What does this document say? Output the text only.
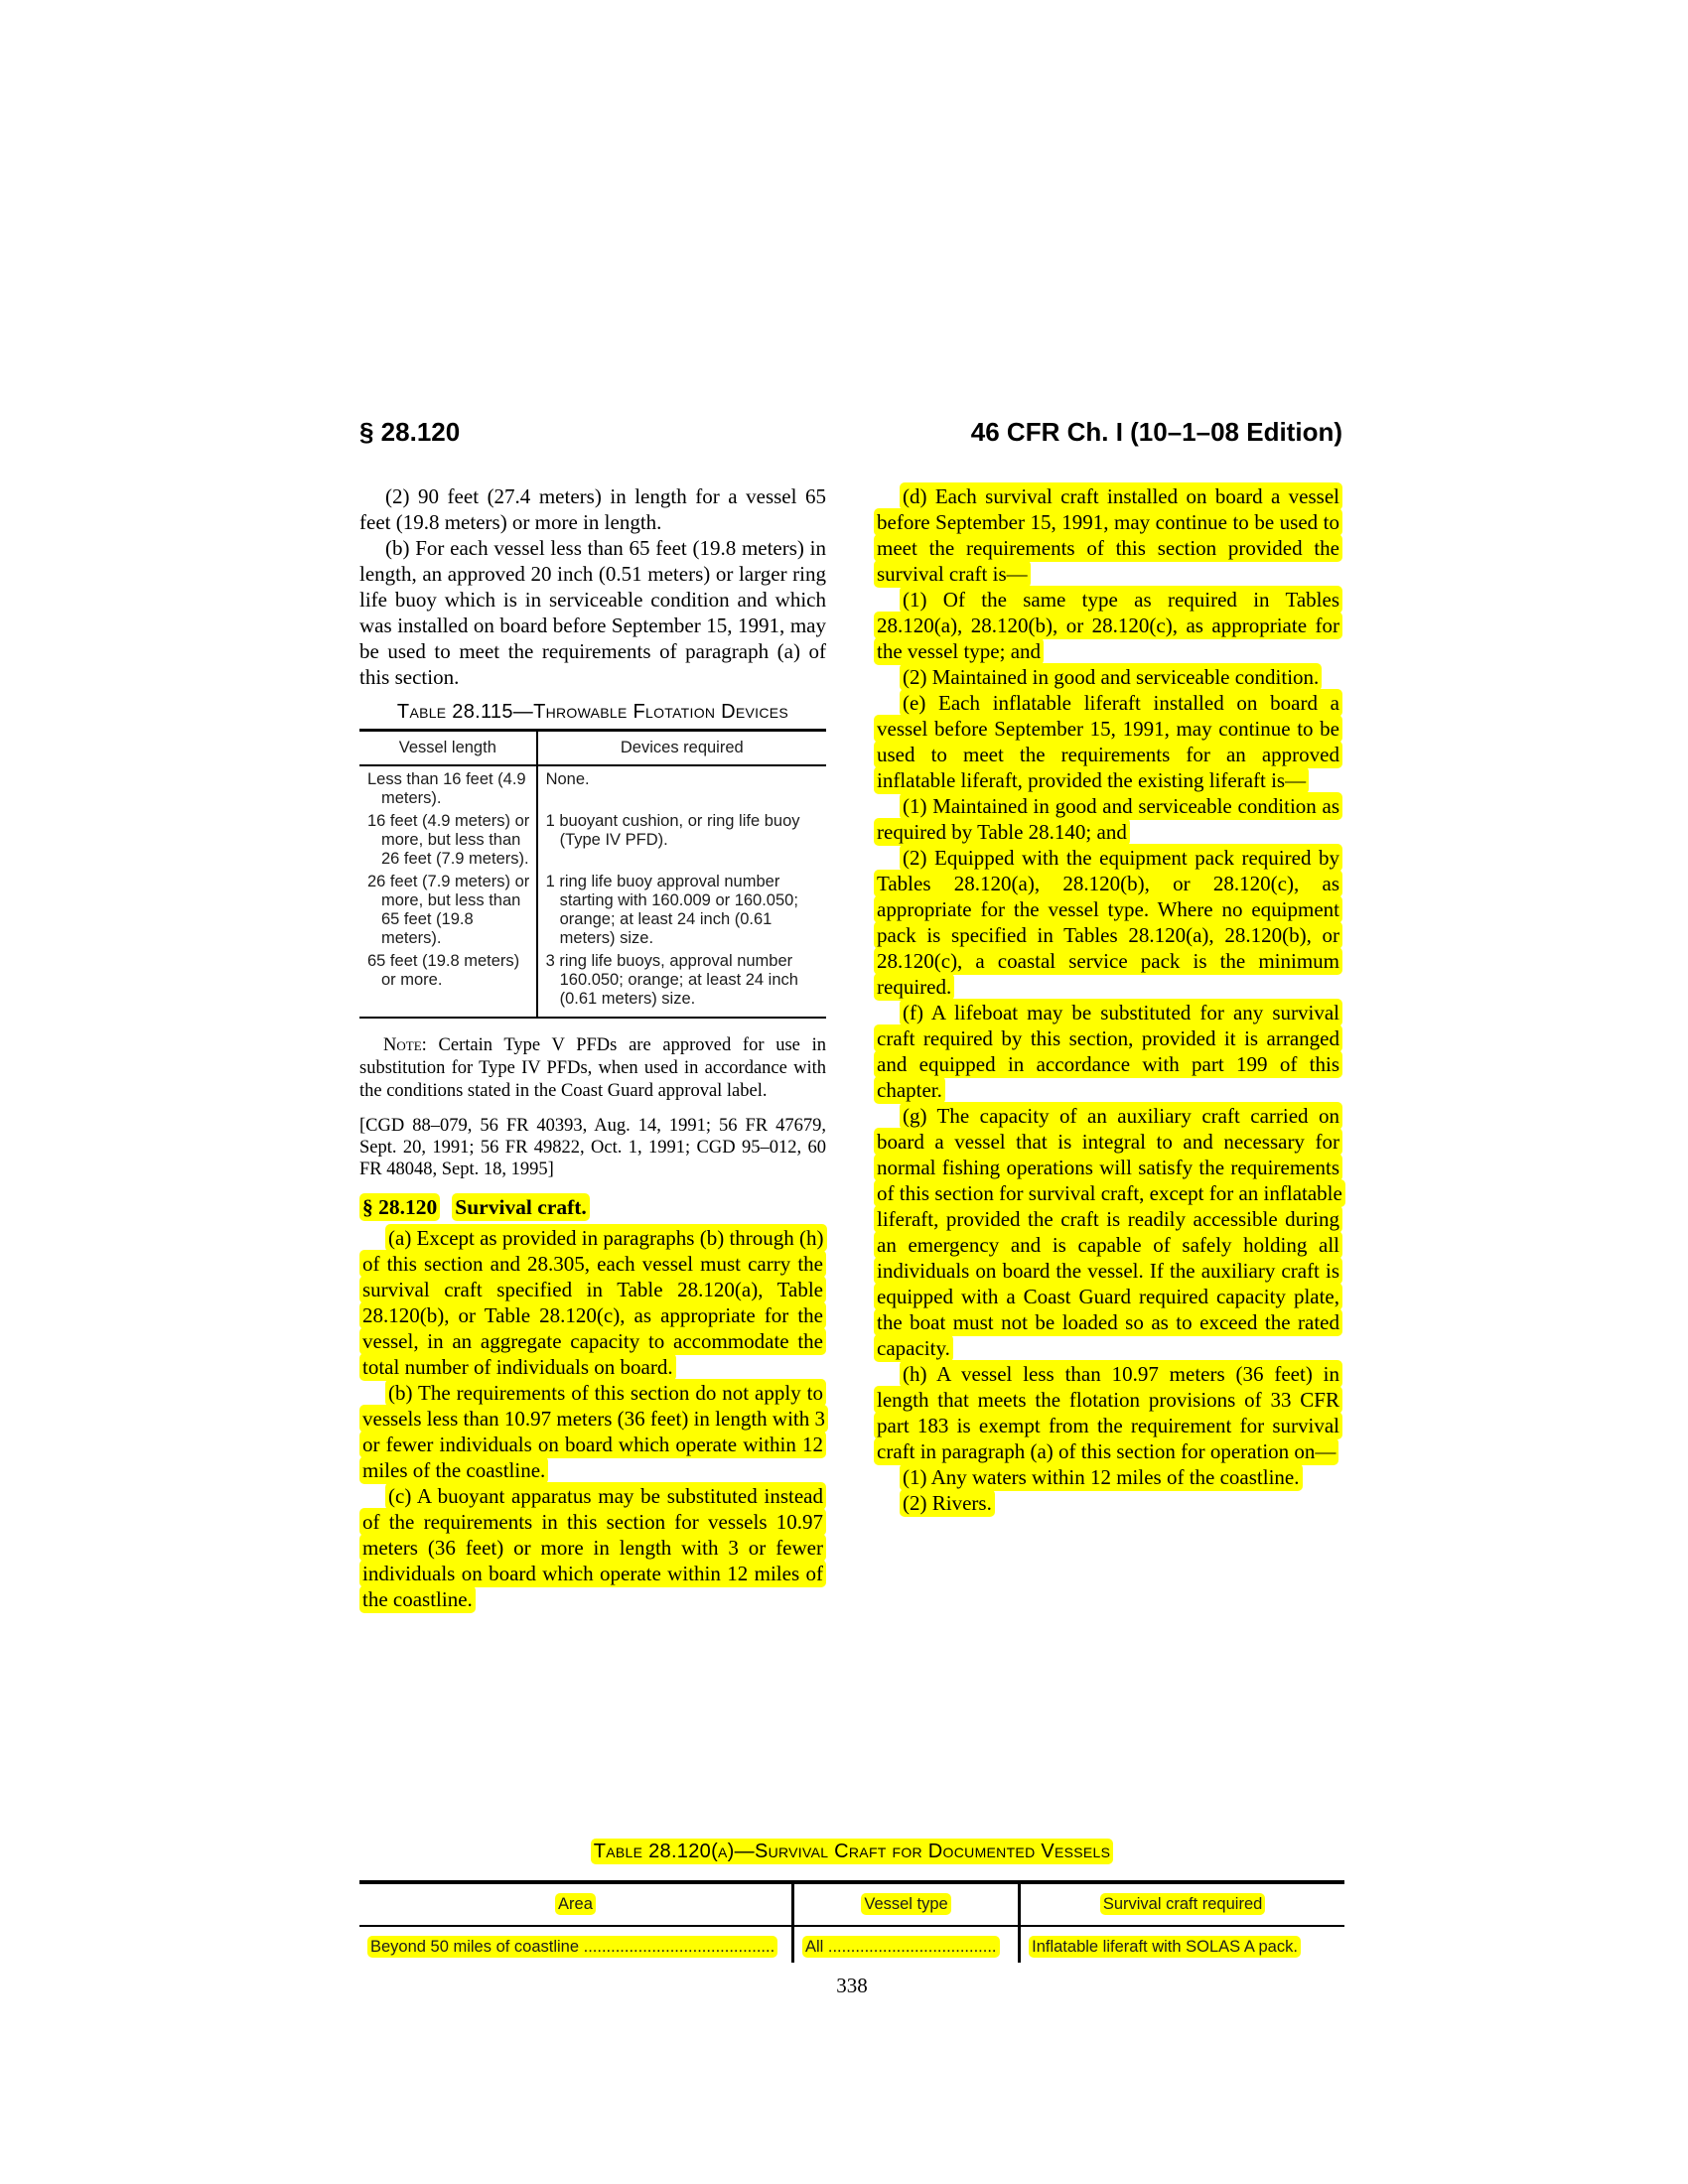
§ 28.120	46 CFR Ch. I (10–1–08 Edition)

(2) 90 feet (27.4 meters) in length for a vessel 65 feet (19.8 meters) or more in length.

(b) For each vessel less than 65 feet (19.8 meters) in length, an approved 20 inch (0.51 meters) or larger ring life buoy which is in serviceable condition and which was installed on board before September 15, 1991, may be used to meet the requirements of paragraph (a) of this section.

Table 28.115—Throwable Flotation Devices
Vessel length	Devices required
Less than 16 feet (4.9 meters).	None.
16 feet (4.9 meters) or more, but less than 26 feet (7.9 meters).	1 buoyant cushion, or ring life buoy (Type IV PFD).
26 feet (7.9 meters) or more, but less than 65 feet (19.8 meters).	1 ring life buoy approval number starting with 160.009 or 160.050; orange; at least 24 inch (0.61 meters) size.
65 feet (19.8 meters) or more.	3 ring life buoys, approval number 160.050; orange; at least 24 inch (0.61 meters) size.

Note: Certain Type V PFDs are approved for use in substitution for Type IV PFDs, when used in accordance with the conditions stated in the Coast Guard approval label.

[CGD 88–079, 56 FR 40393, Aug. 14, 1991; 56 FR 47679, Sept. 20, 1991; 56 FR 49822, Oct. 1, 1991; CGD 95–012, 60 FR 48048, Sept. 18, 1995]

§ 28.120 Survival craft.

(a) Except as provided in paragraphs (b) through (h) of this section and 28.305, each vessel must carry the survival craft specified in Table 28.120(a), Table 28.120(b), or Table 28.120(c), as appropriate for the vessel, in an aggregate capacity to accommodate the total number of individuals on board.

(b) The requirements of this section do not apply to vessels less than 10.97 meters (36 feet) in length with 3 or fewer individuals on board which operate within 12 miles of the coastline.

(c) A buoyant apparatus may be substituted instead of the requirements in this section for vessels 10.97 meters (36 feet) or more in length with 3 or fewer individuals on board which operate within 12 miles of the coastline.

(d) Each survival craft installed on board a vessel before September 15, 1991, may continue to be used to meet the requirements of this section provided the survival craft is—

(1) Of the same type as required in Tables 28.120(a), 28.120(b), or 28.120(c), as appropriate for the vessel type; and

(2) Maintained in good and serviceable condition.

(e) Each inflatable liferaft installed on board a vessel before September 15, 1991, may continue to be used to meet the requirements for an approved inflatable liferaft, provided the existing liferaft is—

(1) Maintained in good and serviceable condition as required by Table 28.140; and

(2) Equipped with the equipment pack required by Tables 28.120(a), 28.120(b), or 28.120(c), as appropriate for the vessel type. Where no equipment pack is specified in Tables 28.120(a), 28.120(b), or 28.120(c), a coastal service pack is the minimum required.

(f) A lifeboat may be substituted for any survival craft required by this section, provided it is arranged and equipped in accordance with part 199 of this chapter.

(g) The capacity of an auxiliary craft carried on board a vessel that is integral to and necessary for normal fishing operations will satisfy the requirements of this section for survival craft, except for an inflatable liferaft, provided the craft is readily accessible during an emergency and is capable of safely holding all individuals on board the vessel. If the auxiliary craft is equipped with a Coast Guard required capacity plate, the boat must not be loaded so as to exceed the rated capacity.

(h) A vessel less than 10.97 meters (36 feet) in length that meets the flotation provisions of 33 CFR part 183 is exempt from the requirement for survival craft in paragraph (a) of this section for operation on—

(1) Any waters within 12 miles of the coastline.

(2) Rivers.

Table 28.120(a)—Survival Craft for Documented Vessels
Area	Vessel type	Survival craft required
Beyond 50 miles of coastline ..........................................	All .....................................	Inflatable liferaft with SOLAS A pack.
338
